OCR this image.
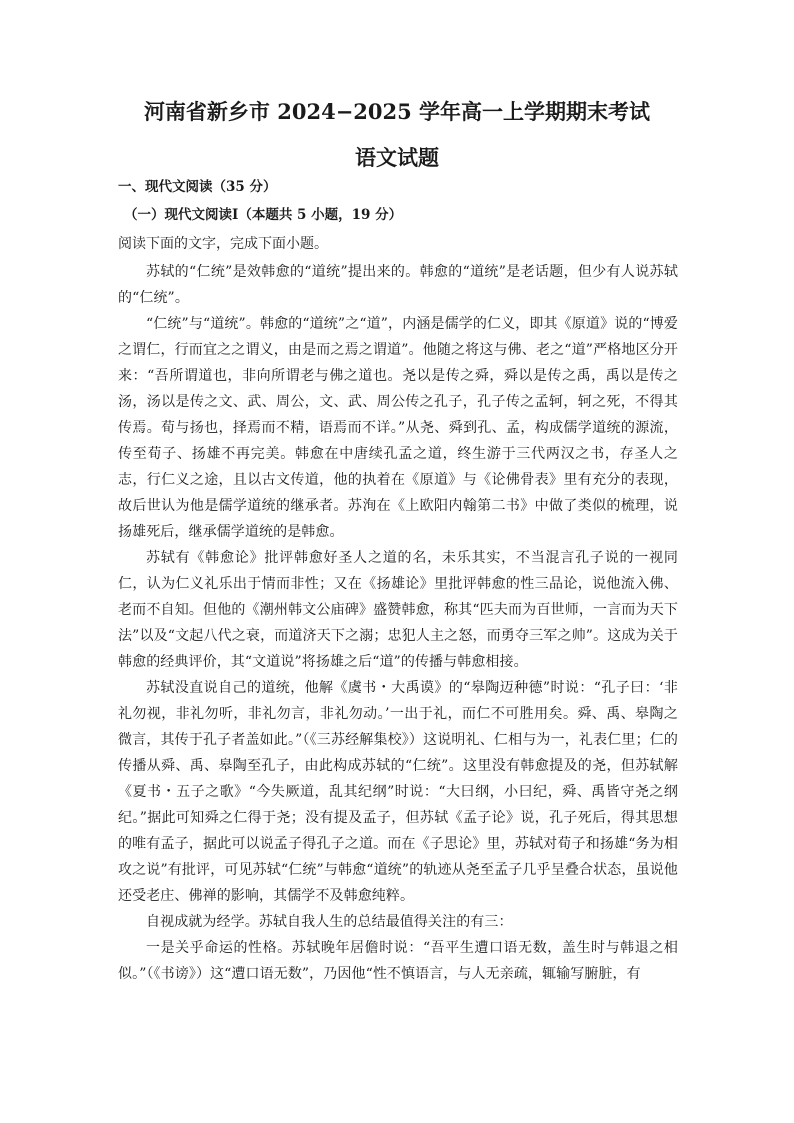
河南省新乡市 2024−2025 学年高一上学期期末考试
语文试题
一、现代文阅读（35 分）
（一）现代文阅读Ⅰ（本题共 5 小题，19 分）
阅读下面的文字，完成下面小题。

苏轼的“仁统”是效韩愈的“道统”提出来的。韩愈的“道统”是老话题，但少有人说苏轼的“仁统”。

“仁统”与“道统”。韩愈的“道统”之“道”，内涵是儒学的仁义，即其《原道》说的“博爱之谓仁，行而宜之之谓义，由是而之焉之谓道”。他随之将这与佛、老之“道”严格地区分开来：“吾所谓道也，非向所谓老与佛之道也。尧以是传之舜，舜以是传之禹，禹以是传之汤，汤以是传之文、武、周公，文、武、周公传之孔子，孔子传之孟轲，轲之死，不得其传焉。荀与扬也，择焉而不精，语焉而不详。”从尧、舜到孔、孟，构成儒学道统的源流，传至荀子、扬雄不再完美。韩愈在中唐续孔孟之道，终生游于三代两汉之书，存圣人之志，行仁义之途，且以古文传道，他的执着在《原道》与《论佛骨表》里有充分的表现，故后世认为他是儒学道统的继承者。苏洵在《上欧阳内翰第二书》中做了类似的梳理，说扬雄死后，继承儒学道统的是韩愈。

苏轼有《韩愈论》批评韩愈好圣人之道的名，未乐其实，不当混言孔子说的一视同仁，认为仁义礼乐出于情而非性；又在《扬雄论》里批评韩愈的性三品论，说他流入佛、老而不自知。但他的《潮州韩文公庙碑》盛赞韩愈，称其“匹夫而为百世师，一言而为天下法”以及“文起八代之衰，而道济天下之溺；忠犯人主之怒，而勇夺三军之帅”。这成为关于韩愈的经典评价，其“文道说”将扬雄之后“道”的传播与韩愈相接。

苏轼没直说自己的道统，他解《虞书・大禹谟》的“皋陶迈种德”时说：“孔子曰：‘非礼勿视，非礼勿听，非礼勿言，非礼勿动。’一出于礼，而仁不可胜用矣。舜、禹、皋陶之微言，其传于孔子者盖如此。”（《三苏经解集校》）这说明礼、仁相与为一，礼表仁里；仁的传播从舜、禹、皋陶至孔子，由此构成苏轼的“仁统”。这里没有韩愈提及的尧，但苏轼解《夏书・五子之歌》“今失厥道，乱其纪纲”时说：“大曰纲，小曰纪，舜、禹皆守尧之纲纪。”据此可知舜之仁得于尧；没有提及孟子，但苏轼《孟子论》说，孔子死后，得其思想的唯有孟子，据此可以说孟子得孔子之道。而在《子思论》里，苏轼对荀子和扬雄“务为相攻之说”有批评，可见苏轼“仁统”与韩愈“道统”的轨迹从尧至孟子几乎呈叠合状态，虽说他还受老庄、佛禅的影响，其儒学不及韩愈纯粹。

自视成就为经学。苏轼自我人生的总结最值得关注的有三：

一是关乎命运的性格。苏轼晚年居儋时说：“吾平生遭口语无数，盖生时与韩退之相似。”（《书谤》）这“遭口语无数”，乃因他“性不慎语言，与人无亲疏，辄输写腑脏，有
